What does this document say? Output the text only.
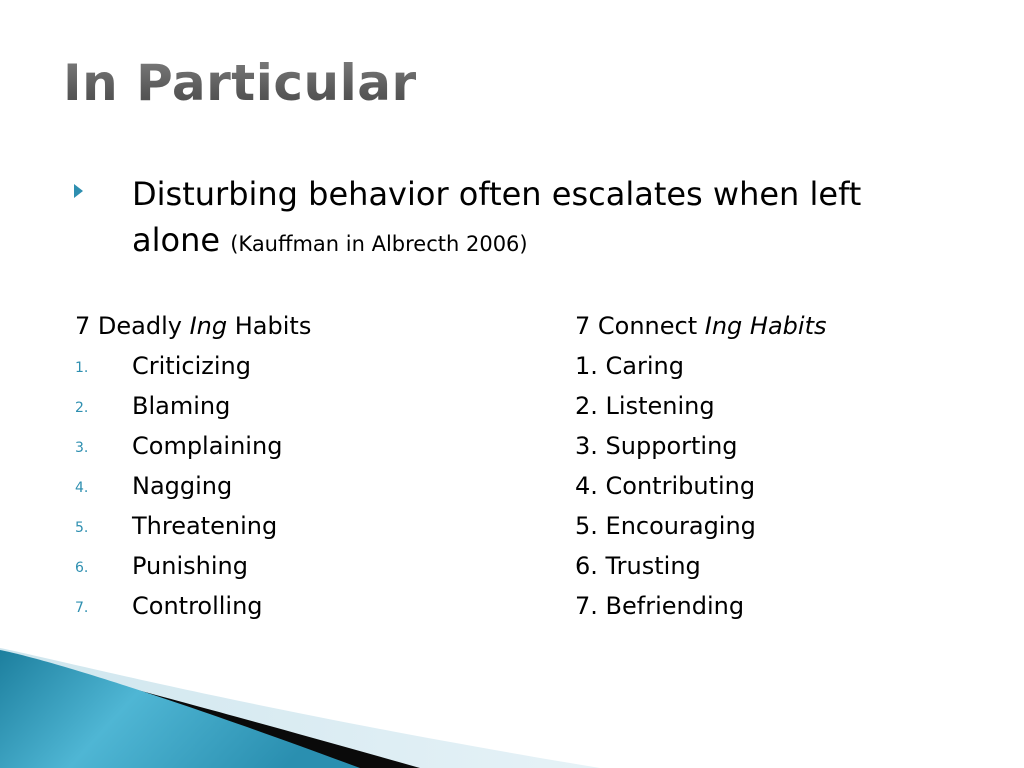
In Particular
Disturbing behavior often escalates when left alone (Kauffman in Albrecth 2006)
7 Deadly Ing Habits
1. Criticizing
2. Blaming
3. Complaining
4. Nagging
5. Threatening
6. Punishing
7. Controlling
7 Connect Ing Habits
1. Caring
2. Listening
3. Supporting
4. Contributing
5. Encouraging
6. Trusting
7. Befriending
